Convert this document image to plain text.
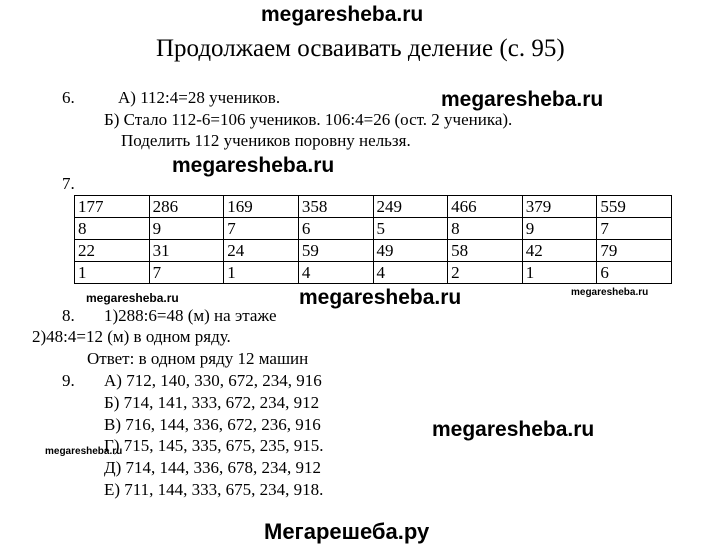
megaresheba.ru
Продолжаем осваивать деление (с. 95)
6.	А) 112:4=28 учеников.	megaresheba.ru
Б) Стало 112-6=106 учеников. 106:4=26 (ост. 2 ученика).
Поделить 112 учеников поровну нельзя.
megaresheba.ru
7.
177	286	169	358	249	466	379	559
8	9	7	6	5	8	9	7
22	31	24	59	49	58	42	79
1	7	1	4	4	2	1	6
megaresheba.ru	megaresheba.ru	megaresheba.ru
8. 1)288:6=48 (м) на этаже
2)48:4=12 (м) в одном ряду.
Ответ: в одном ряду 12 машин
9. А) 712, 140, 330, 672, 234, 916
Б) 714, 141, 333, 672, 234, 912
В) 716, 144, 336, 672, 236, 916	megaresheba.ru
Г) 715, 145, 335, 675, 235, 915.
megaresheba.ru
Д) 714, 144, 336, 678, 234, 912
Е) 711, 144, 333, 675, 234, 918.
Мегарешеба.ру
